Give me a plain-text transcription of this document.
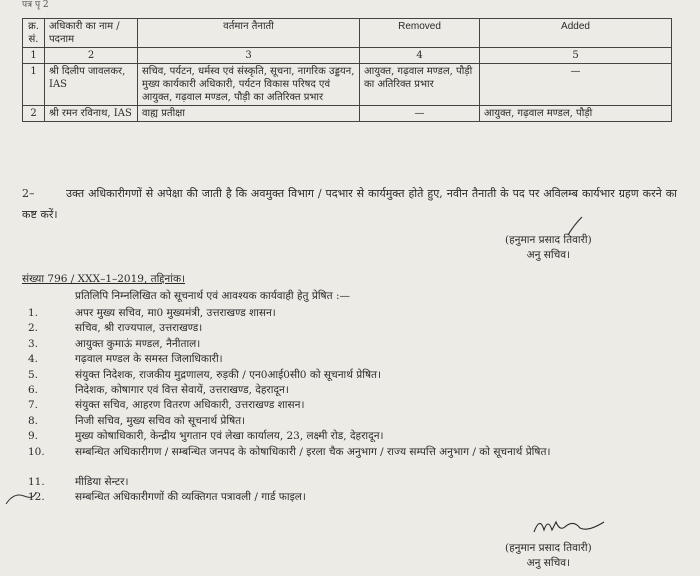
पत्र पृ 2
क्र. सं.	अधिकारी का नाम / पदनाम	वर्तमान तैनाती	Removed	Added
1	2	3	4	5
1	श्री दिलीप जावलकर, IAS	सचिव, पर्यटन, धर्मस्व एवं संस्कृति, सूचना, नागरिक उड्डयन, मुख्य कार्यकारी अधिकारी, पर्यटन विकास परिषद एवं आयुक्त, गढ़वाल मण्डल, पौड़ी का अतिरिक्त प्रभार	आयुक्त, गढ़वाल मण्डल, पौड़ी का अतिरिक्त प्रभार	—
2	श्री रमन रविनाथ, IAS	वाह्य प्रतीक्षा	—	आयुक्त, गढ़वाल मण्डल, पौड़ी
2–	उक्त अधिकारीगणों से अपेक्षा की जाती है कि अवमुक्त विभाग / पदभार से कार्यमुक्त होते हुए, नवीन तैनाती के पद पर अविलम्ब कार्यभार ग्रहण करने का कष्ट करें।
(हनुमान प्रसाद तिवारी)
अनु सचिव।
संख्या 796 / XXX–1–2019, तद्दिनांक।
प्रतिलिपि निम्नलिखित को सूचनार्थ एवं आवश्यक कार्यवाही हेतु प्रेषित :—
1.	अपर मुख्य सचिव, मा0 मुख्यमंत्री, उत्तराखण्ड शासन।
2.	सचिव, श्री राज्यपाल, उत्तराखण्ड।
3.	आयुक्त कुमाऊं मण्डल, नैनीताल।
4.	गढ़वाल मण्डल के समस्त जिलाधिकारी।
5.	संयुक्त निदेशक, राजकीय मुद्रणालय, रुड़की / एन0आई0सी0 को सूचनार्थ प्रेषित।
6.	निदेशक, कोषागार एवं वित्त सेवायें, उत्तराखण्ड, देहरादून।
7.	संयुक्त सचिव, आहरण वितरण अधिकारी, उत्तराखण्ड शासन।
8.	निजी सचिव, मुख्य सचिव को सूचनार्थ प्रेषित।
9.	मुख्य कोषाधिकारी, केन्द्रीय भुगतान एवं लेखा कार्यालय, 23, लक्ष्मी रोड, देहरादून।
10.	सम्बन्धित अधिकारीगण / सम्बन्धित जनपद के कोषाधिकारी / इरला चैक अनुभाग / राज्य सम्पत्ति अनुभाग / को सूचनार्थ प्रेषित।
11.	मीडिया सेन्टर।
12.	सम्बन्धित अधिकारीगणों की व्यक्तिगत पत्रावली / गार्ड फाइल।
(हनुमान प्रसाद तिवारी)
अनु सचिव।
